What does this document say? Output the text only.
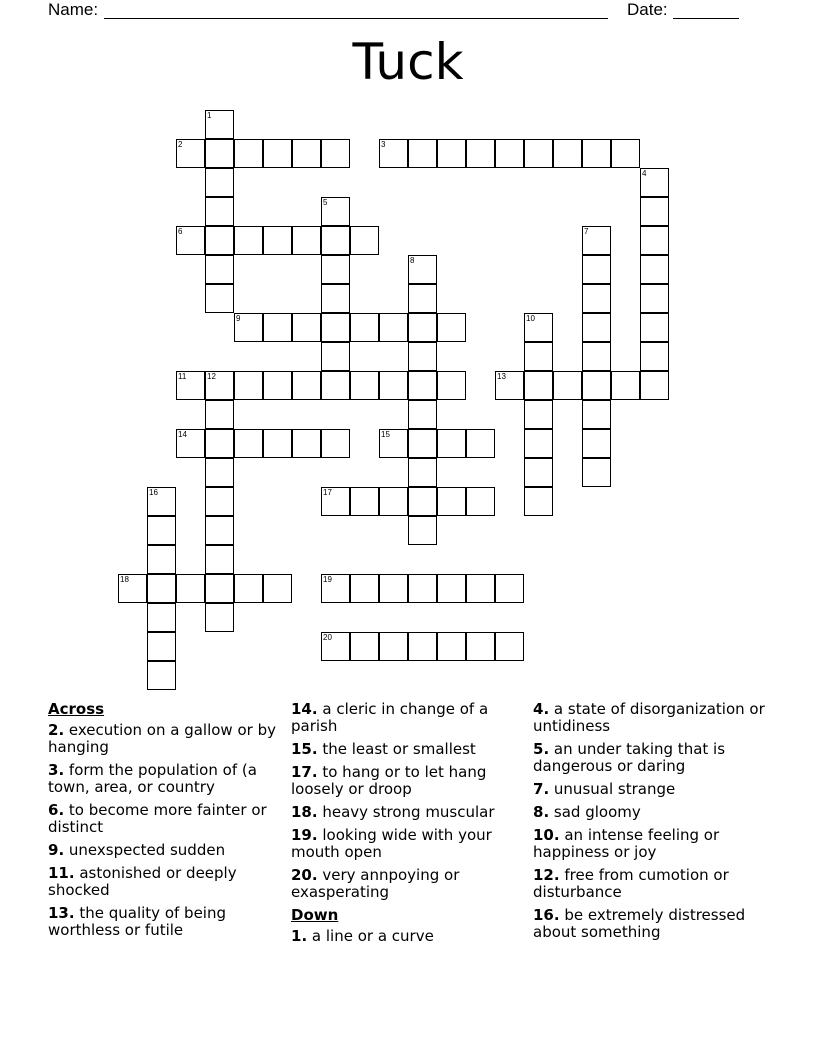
Name:	Date:
Tuck
2	3
6
9
11	12	13
14	15
17
18	19
20
1
4
5
7
8
10
16
Across
2. execution on a gallow or by hanging
3. form the population of (a town, area, or country
6. to become more fainter or distinct
9. unexspected sudden
11. astonished or deeply shocked
13. the quality of being worthless or futile
14. a cleric in change of a parish
15. the least or smallest
17. to hang or to let hang loosely or droop
18. heavy strong muscular
19. looking wide with your mouth open
20. very annpoying or exasperating
Down
1. a line or a curve
4. a state of disorganization or untidiness
5. an under taking that is dangerous or daring
7. unusual strange
8. sad gloomy
10. an intense feeling or happiness or joy
12. free from cumotion or disturbance
16. be extremely distressed about something
